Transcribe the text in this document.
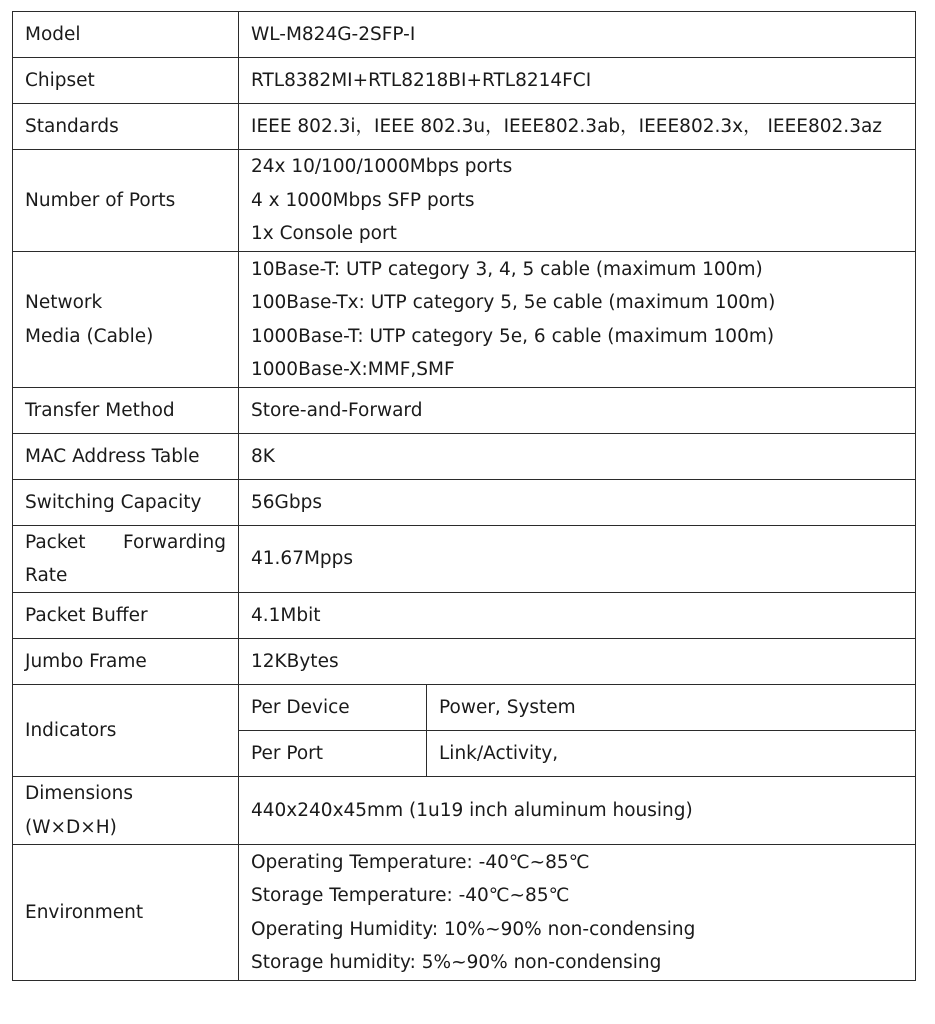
Model	WL-M824G-2SFP-I	
Chipset	RTL8382MI+RTL8218BI+RTL8214FCI	
Standards	IEEE 802.3i，IEEE 802.3u，IEEE802.3ab，IEEE802.3x， IEEE802.3az	
Number of Ports	24x 10/100/1000Mbps ports
4 x 1000Mbps SFP ports
1x Console port	

Network
Media (Cable)	10Base-T: UTP category 3, 4, 5 cable (maximum 100m)
100Base-Tx: UTP category 5, 5e cable (maximum 100m)
1000Base-T: UTP category 5e, 6 cable (maximum 100m)
1000Base-X:MMF,SMF	

Transfer Method	Store-and-Forward	
MAC Address Table	8K	
Switching Capacity	56Gbps	
Packet Forwarding Rate	41.67Mpps	
Packet Buffer	4.1Mbit	
Jumbo Frame	12KBytes	
Indicators	Per Device	Power, System
	Per Port	Link/Activity,

Dimensions
(W×D×H)	440x240x45mm (1u19 inch aluminum housing)	
Environment	Operating Temperature: -40℃~85℃
Storage Temperature: -40℃~85℃
Operating Humidity: 10%~90% non-condensing
Storage humidity: 5%~90% non-condensing	
